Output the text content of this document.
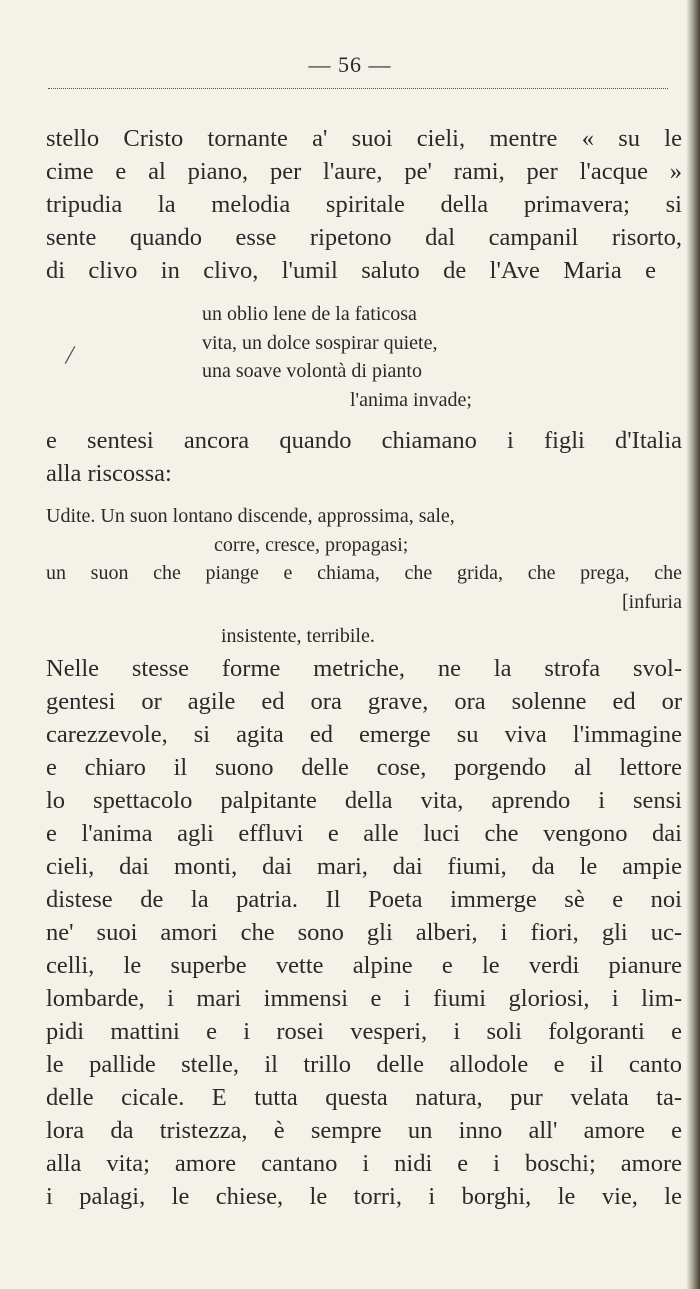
— 56 —
stello Cristo tornante a' suoi cieli, mentre « su le
cime e al piano, per l'aure, pe' rami, per l'acque »
tripudia la melodia spiritale della primavera; si
sente quando esse ripetono dal campanil risorto,
di clivo in clivo, l'umil saluto de l'Ave Maria e
/
un oblio lene de la faticosa
vita, un dolce sospirar quiete,
una soave volontà di pianto
l'anima invade;
e sentesi ancora quando chiamano i figli d'Italia
alla riscossa:
Udite. Un suon lontano discende, approssima, sale,
corre, cresce, propagasi;
un suon che piange e chiama, che grida, che prega, che
[infuria
insistente, terribile.
Nelle stesse forme metriche, ne la strofa svol-
gentesi or agile ed ora grave, ora solenne ed or
carezzevole, si agita ed emerge su viva l'immagine
e chiaro il suono delle cose, porgendo al lettore
lo spettacolo palpitante della vita, aprendo i sensi
e l'anima agli effluvi e alle luci che vengono dai
cieli, dai monti, dai mari, dai fiumi, da le ampie
distese de la patria. Il Poeta immerge sè e noi
ne' suoi amori che sono gli alberi, i fiori, gli uc-
celli, le superbe vette alpine e le verdi pianure
lombarde, i mari immensi e i fiumi gloriosi, i lim-
pidi mattini e i rosei vesperi, i soli folgoranti e
le pallide stelle, il trillo delle allodole e il canto
delle cicale. E tutta questa natura, pur velata ta-
lora da tristezza, è sempre un inno all' amore e
alla vita; amore cantano i nidi e i boschi; amore
i palagi, le chiese, le torri, i borghi, le vie, le
